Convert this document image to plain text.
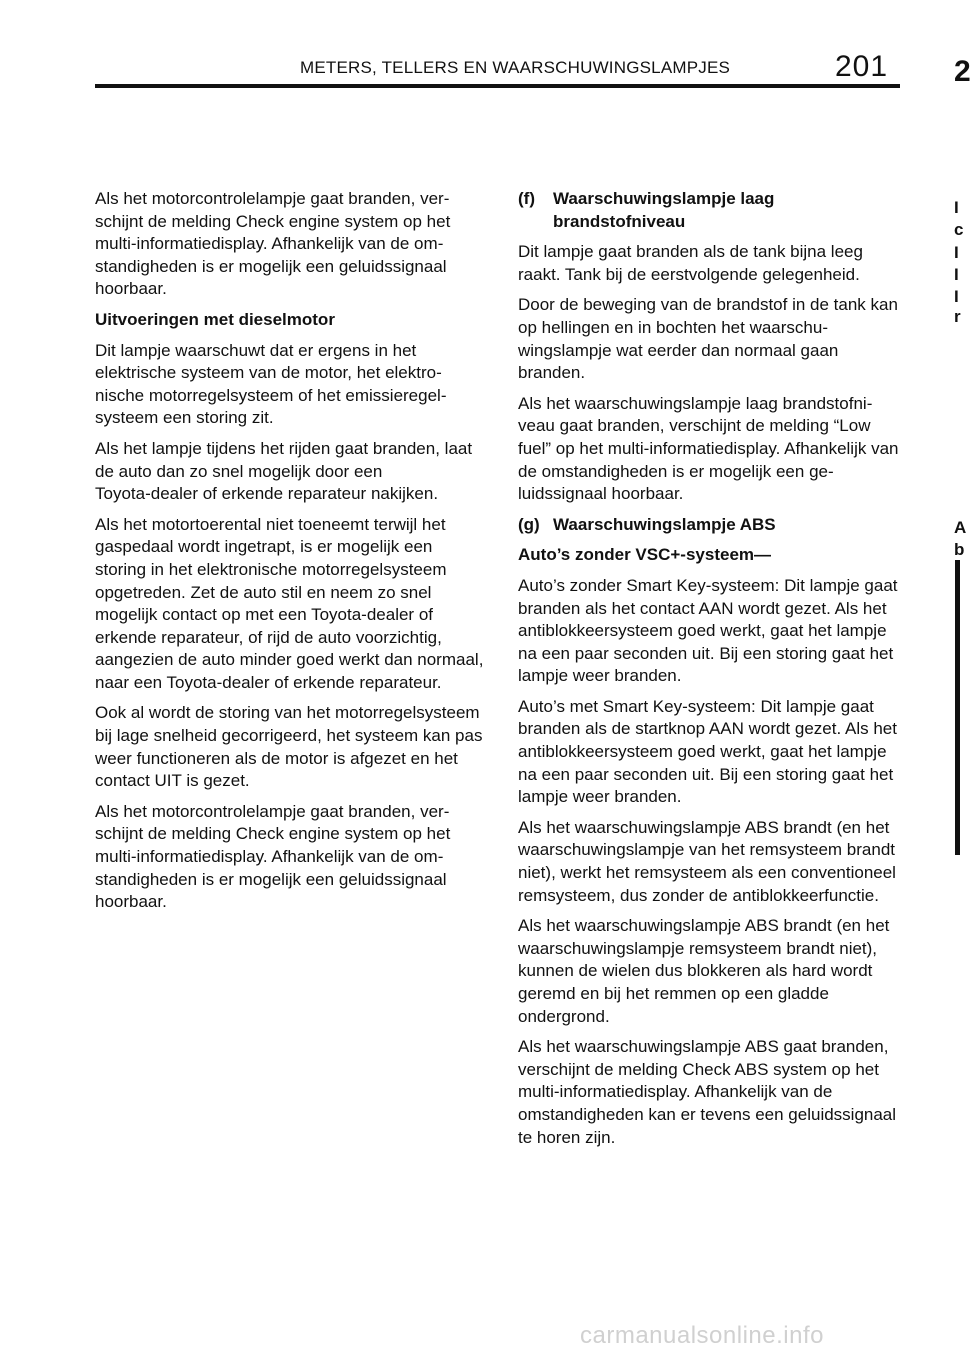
METERS, TELLERS EN WAARSCHUWINGSLAMPJES	201

Als het motorcontrolelampje gaat branden, verschijnt de melding Check engine system op het multi‑informatiedisplay. Afhankelijk van de omstandigheden is er mogelijk een geluidssignaal hoorbaar.

Uitvoeringen met dieselmotor

Dit lampje waarschuwt dat er ergens in het elektrische systeem van de motor, het elektronische motorregelsysteem of het emissieregelsysteem een storing zit.

Als het lampje tijdens het rijden gaat branden, laat de auto dan zo snel mogelijk door een Toyota‑dealer of erkende reparateur nakijken.

Als het motortoerental niet toeneemt terwijl het gaspedaal wordt ingetrapt, is er mogelijk een storing in het elektronische motorregelsysteem opgetreden. Zet de auto stil en neem zo snel mogelijk contact op met een Toyota‑dealer of erkende reparateur, of rijd de auto voorzichtig, aangezien de auto minder goed werkt dan normaal, naar een Toyota‑dealer of erkende reparateur.

Ook al wordt de storing van het motorregelsysteem bij lage snelheid gecorrigeerd, het systeem kan pas weer functioneren als de motor is afgezet en het contact UIT is gezet.

Als het motorcontrolelampje gaat branden, verschijnt de melding Check engine system op het multi‑informatiedisplay. Afhankelijk van de omstandigheden is er mogelijk een geluidssignaal hoorbaar.

(f)	Waarschuwingslampje laag brandstofniveau

Dit lampje gaat branden als de tank bijna leeg raakt. Tank bij de eerstvolgende gelegenheid.

Door de beweging van de brandstof in de tank kan op hellingen en in bochten het waarschuwingslampje wat eerder dan normaal gaan branden.

Als het waarschuwingslampje laag brandstofniveau gaat branden, verschijnt de melding “Low fuel” op het multi‑informatiedisplay. Afhankelijk van de omstandigheden is er mogelijk een geluidssignaal hoorbaar.

(g) Waarschuwingslampje ABS

Auto’s zonder VSC+‑systeem—

Auto’s zonder Smart Key‑systeem: Dit lampje gaat branden als het contact AAN wordt gezet. Als het antiblokkeersysteem goed werkt, gaat het lampje na een paar seconden uit. Bij een storing gaat het lampje weer branden.

Auto’s met Smart Key‑systeem: Dit lampje gaat branden als de startknop AAN wordt gezet. Als het antiblokkeersysteem goed werkt, gaat het lampje na een paar seconden uit. Bij een storing gaat het lampje weer branden.

Als het waarschuwingslampje ABS brandt (en het waarschuwingslampje van het remsysteem brandt niet), werkt het remsysteem als een conventioneel remsysteem, dus zonder de antiblokkeerfunctie.

Als het waarschuwingslampje ABS brandt (en het waarschuwingslampje remsysteem brandt niet), kunnen de wielen dus blokkeren als hard wordt geremd en bij het remmen op een gladde ondergrond.

Als het waarschuwingslampje ABS gaat branden, verschijnt de melding Check ABS system op het multi‑informatiedisplay. Afhankelijk van de omstandigheden kan er tevens een geluidssignaal te horen zijn.

2
I
c
I
I
I
r
A
b
carmanualsonline.info
